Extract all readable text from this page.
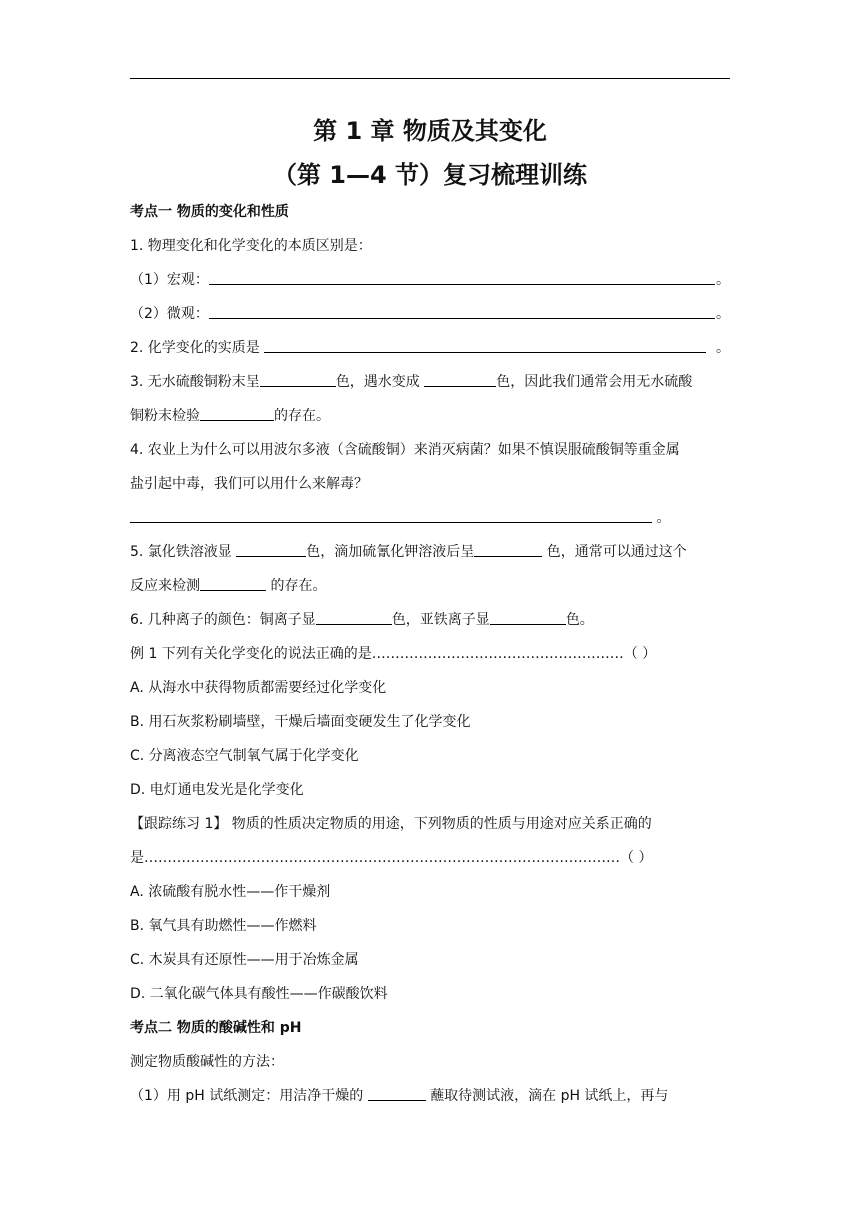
第 1 章 物质及其变化
（第 1—4 节）复习梳理训练
考点一 物质的变化和性质
1. 物理变化和化学变化的本质区别是：
（1）宏观：	。
（2）微观：	。
2. 化学变化的实质是	。
3. 无水硫酸铜粉末呈	色，遇水变成	色，因此我们通常会用无水硫酸
铜粉末检验	的存在。
4. 农业上为什么可以用波尔多液（含硫酸铜）来消灭病菌？如果不慎误服硫酸铜等重金属
盐引起中毒，我们可以用什么来解毒？
。
5. 氯化铁溶液显	色，滴加硫氰化钾溶液后呈	色，通常可以通过这个
反应来检测	的存在。
6. 几种离子的颜色：铜离子显	色，亚铁离子显	色。
例 1 下列有关化学变化的说法正确的是………………………………………………（ ）
A. 从海水中获得物质都需要经过化学变化
B. 用石灰浆粉刷墙壁，干燥后墙面变硬发生了化学变化
C. 分离液态空气制氧气属于化学变化
D. 电灯通电发光是化学变化
【跟踪练习 1】 物质的性质决定物质的用途，下列物质的性质与用途对应关系正确的
是…………………………………………………………………………………………（ ）
A. 浓硫酸有脱水性——作干燥剂
B. 氧气具有助燃性——作燃料
C. 木炭具有还原性——用于冶炼金属
D. 二氧化碳气体具有酸性——作碳酸饮料
考点二 物质的酸碱性和 pH
测定物质酸碱性的方法：
（1）用 pH 试纸测定：用洁净干燥的	蘸取待测试液，滴在 pH 试纸上，再与
